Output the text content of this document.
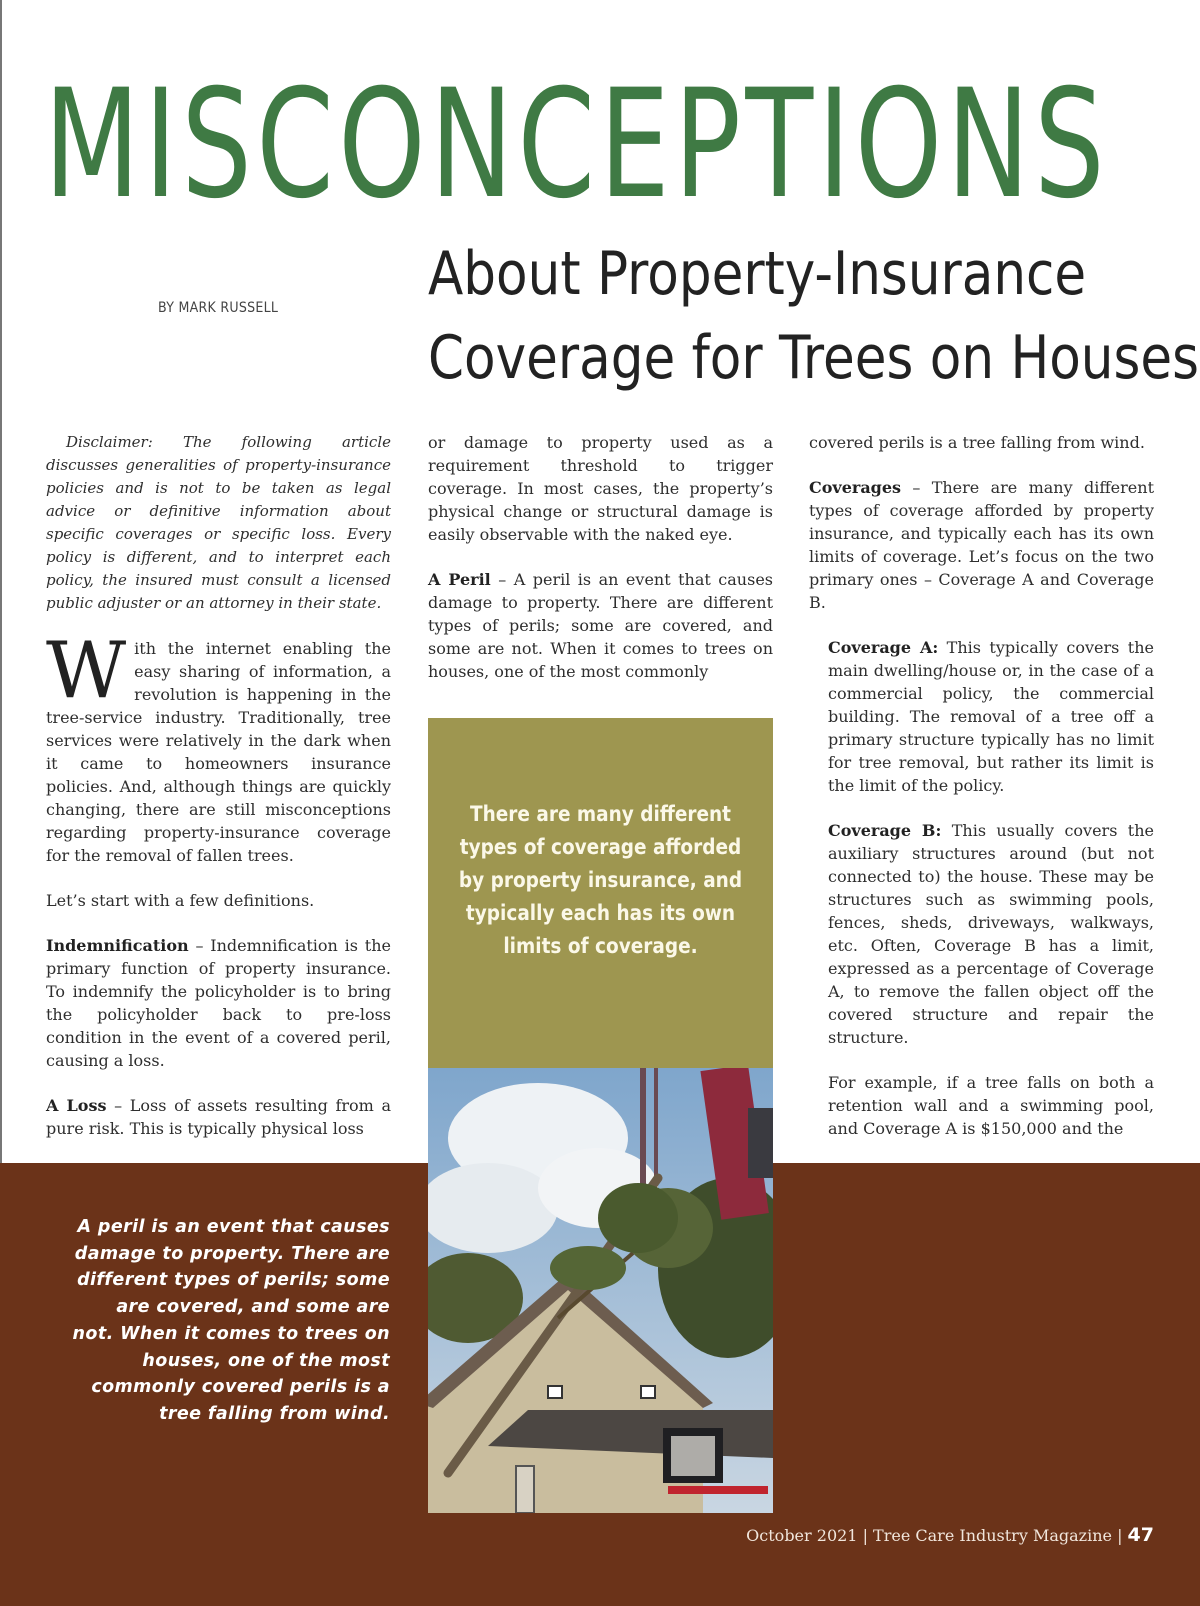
MISCONCEPTIONS
About Property-Insurance
Coverage for Trees on Houses
BY MARK RUSSELL

Disclaimer: The following article discusses generalities of property-insurance policies and is not to be taken as legal advice or definitive information about specific coverages or specific loss. Every policy is different, and to interpret each policy, the insured must consult a licensed public adjuster or an attorney in their state.

With the internet enabling the easy sharing of information, a revolution is happening in the tree-service industry. Traditionally, tree services were relatively in the dark when it came to homeowners insurance policies. And, although things are quickly changing, there are still misconceptions regarding property-insurance coverage for the removal of fallen trees.

Let’s start with a few definitions.

Indemnification – Indemnification is the primary function of property insurance. To indemnify the policyholder is to bring the policyholder back to pre-loss condition in the event of a covered peril, causing a loss.

A Loss – Loss of assets resulting from a pure risk. This is typically physical loss

or damage to property used as a requirement threshold to trigger coverage. In most cases, the property’s physical change or structural damage is easily observable with the naked eye.

A Peril – A peril is an event that causes damage to property. There are different types of perils; some are covered, and some are not. When it comes to trees on houses, one of the most commonly

There are many different types of coverage afforded by property insurance, and typically each has its own limits of coverage.

covered perils is a tree falling from wind.

Coverages – There are many different types of coverage afforded by property insurance, and typically each has its own limits of coverage. Let’s focus on the two primary ones – Coverage A and Coverage B.

Coverage A: This typically covers the main dwelling/house or, in the case of a commercial policy, the commercial building. The removal of a tree off a primary structure typically has no limit for tree removal, but rather its limit is the limit of the policy.

Coverage B: This usually covers the auxiliary structures around (but not connected to) the house. These may be structures such as swimming pools, fences, sheds, driveways, walkways, etc. Often, Coverage B has a limit, expressed as a percentage of Coverage A, to remove the fallen object off the covered structure and repair the structure.

For example, if a tree falls on both a retention wall and a swimming pool, and Coverage A is $150,000 and the

A peril is an event that causes damage to property. There are different types of perils; some are covered, and some are not. When it comes to trees on houses, one of the most commonly covered perils is a tree falling from wind.

October 2021 | Tree Care Industry Magazine | 47
